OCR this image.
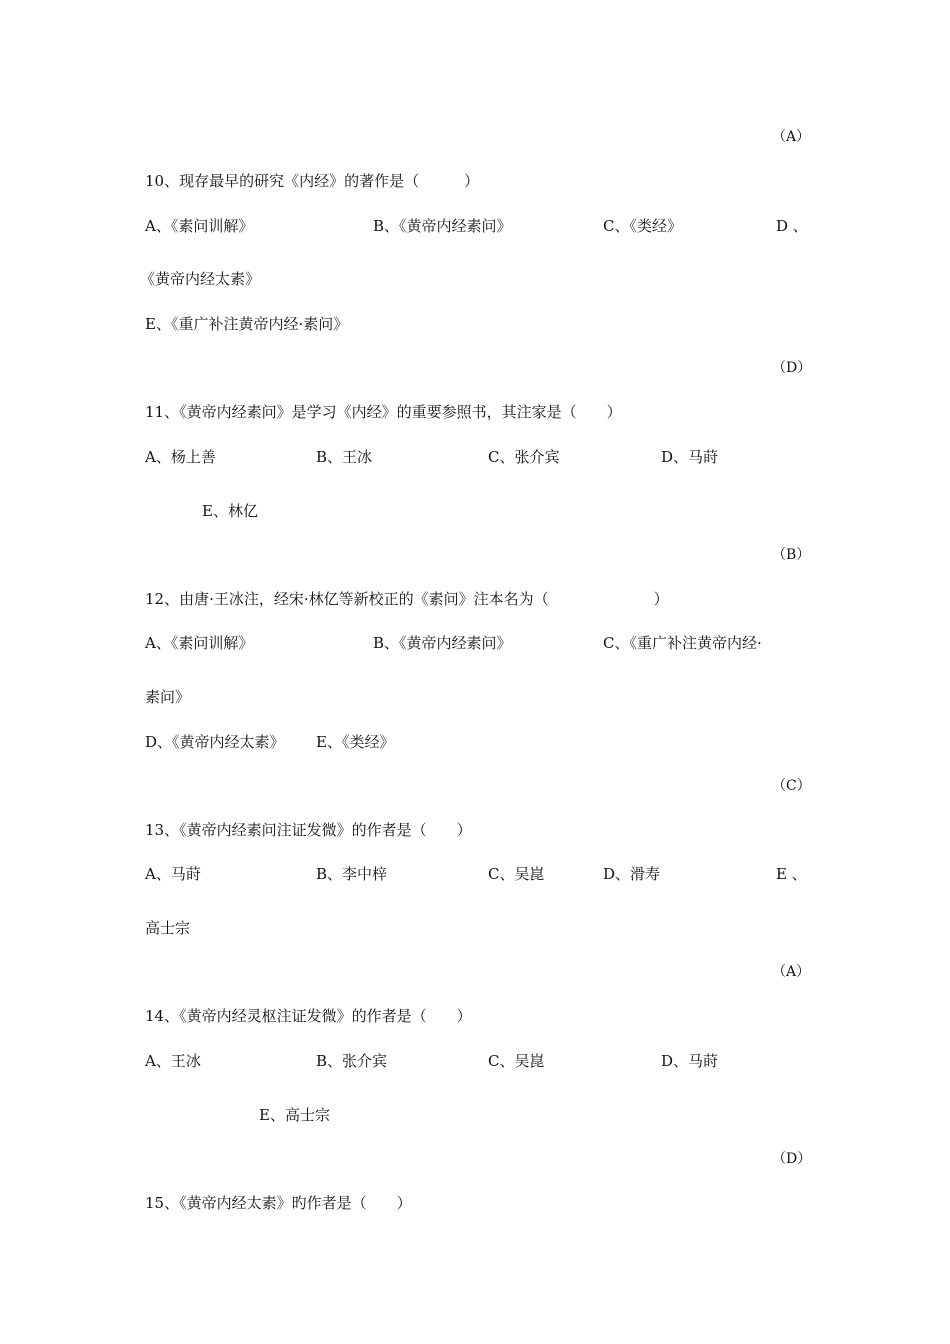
（A）
10、现存最早的研究《内经》的著作是（　　　）
A、《素问训解》	B、《黄帝内经素问》	C、《类经》	D 、
《黄帝内经太素》
E、《重广补注黄帝内经·素问》
（D）
11、《黄帝内经素问》是学习《内经》的重要参照书，其注家是（　　）
A、杨上善	B、王冰	C、张介宾	D、马莳
E、林亿
（B）
12、由唐·王冰注，经宋·林亿等新校正的《素问》注本名为（　　　　　　　）
A、《素问训解》	B、《黄帝内经素问》	C、《重广补注黄帝内经·
素问》
D、《黄帝内经太素》 E、《类经》
（C）
13、《黄帝内经素问注证发微》的作者是（　　）
A、马莳	B、李中梓	C、吴崑	D、滑寿	E 、
高士宗
（A）
14、《黄帝内经灵枢注证发微》的作者是（　　）
A、王冰	B、张介宾	C、吴崑	D、马莳
E、高士宗
（D）
15、《黄帝内经太素》旳作者是（　　）
